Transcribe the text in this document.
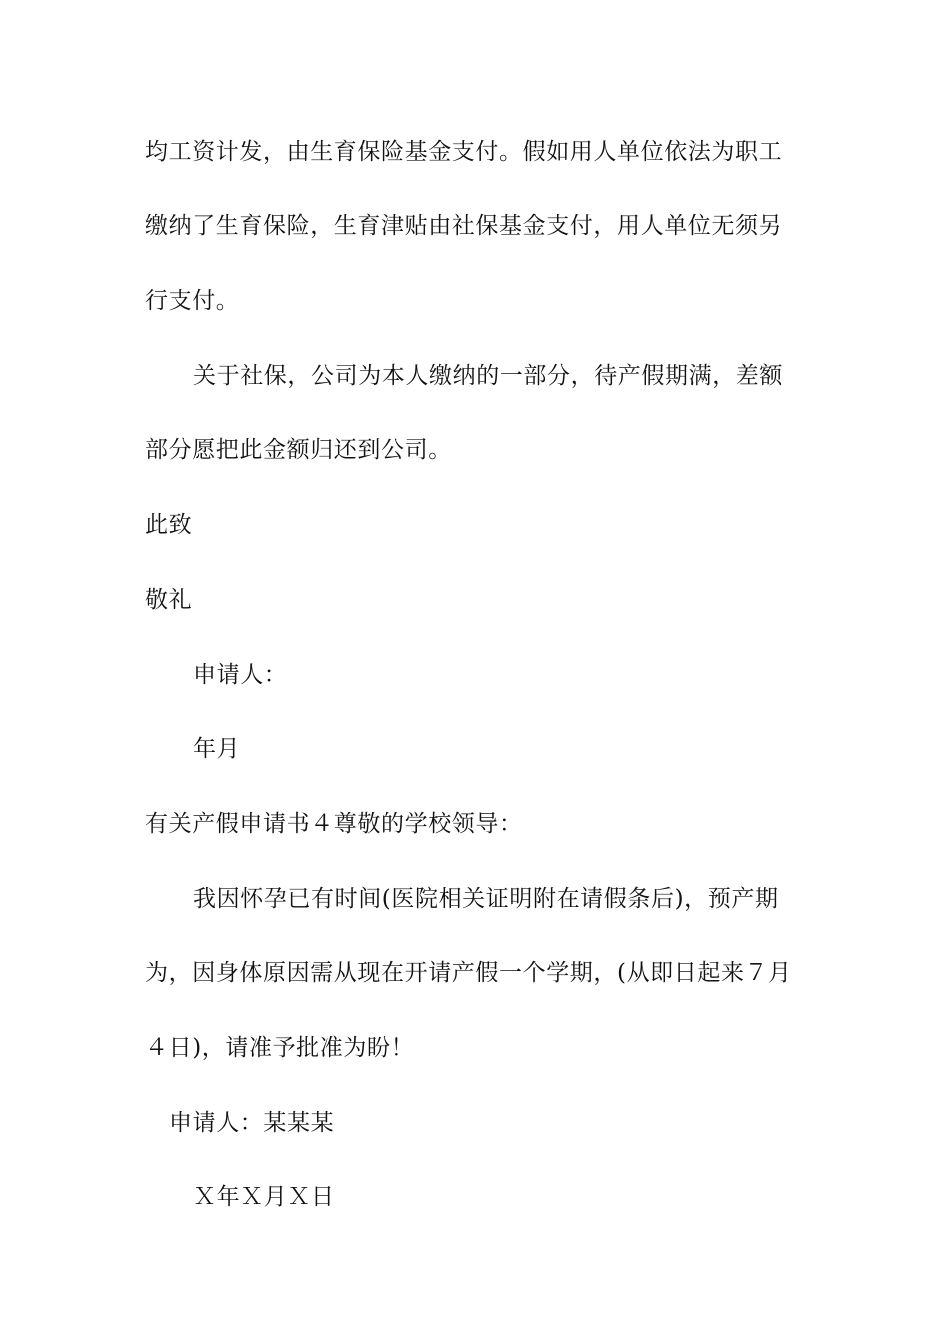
均工资计发，由生育保险基金支付。假如用人单位依法为职工
缴纳了生育保险，生育津贴由社保基金支付，用人单位无须另
行支付。
关于社保，公司为本人缴纳的一部分，待产假期满，差额
部分愿把此金额归还到公司。
此致
敬礼
申请人：
年月
有关产假申请书４尊敬的学校领导：
我因怀孕已有时间(医院相关证明附在请假条后)，预产期
为，因身体原因需从现在开请产假一个学期，(从即日起来７月
４日)，请准予批准为盼！
申请人：某某某
Ｘ年Ｘ月Ｘ日
